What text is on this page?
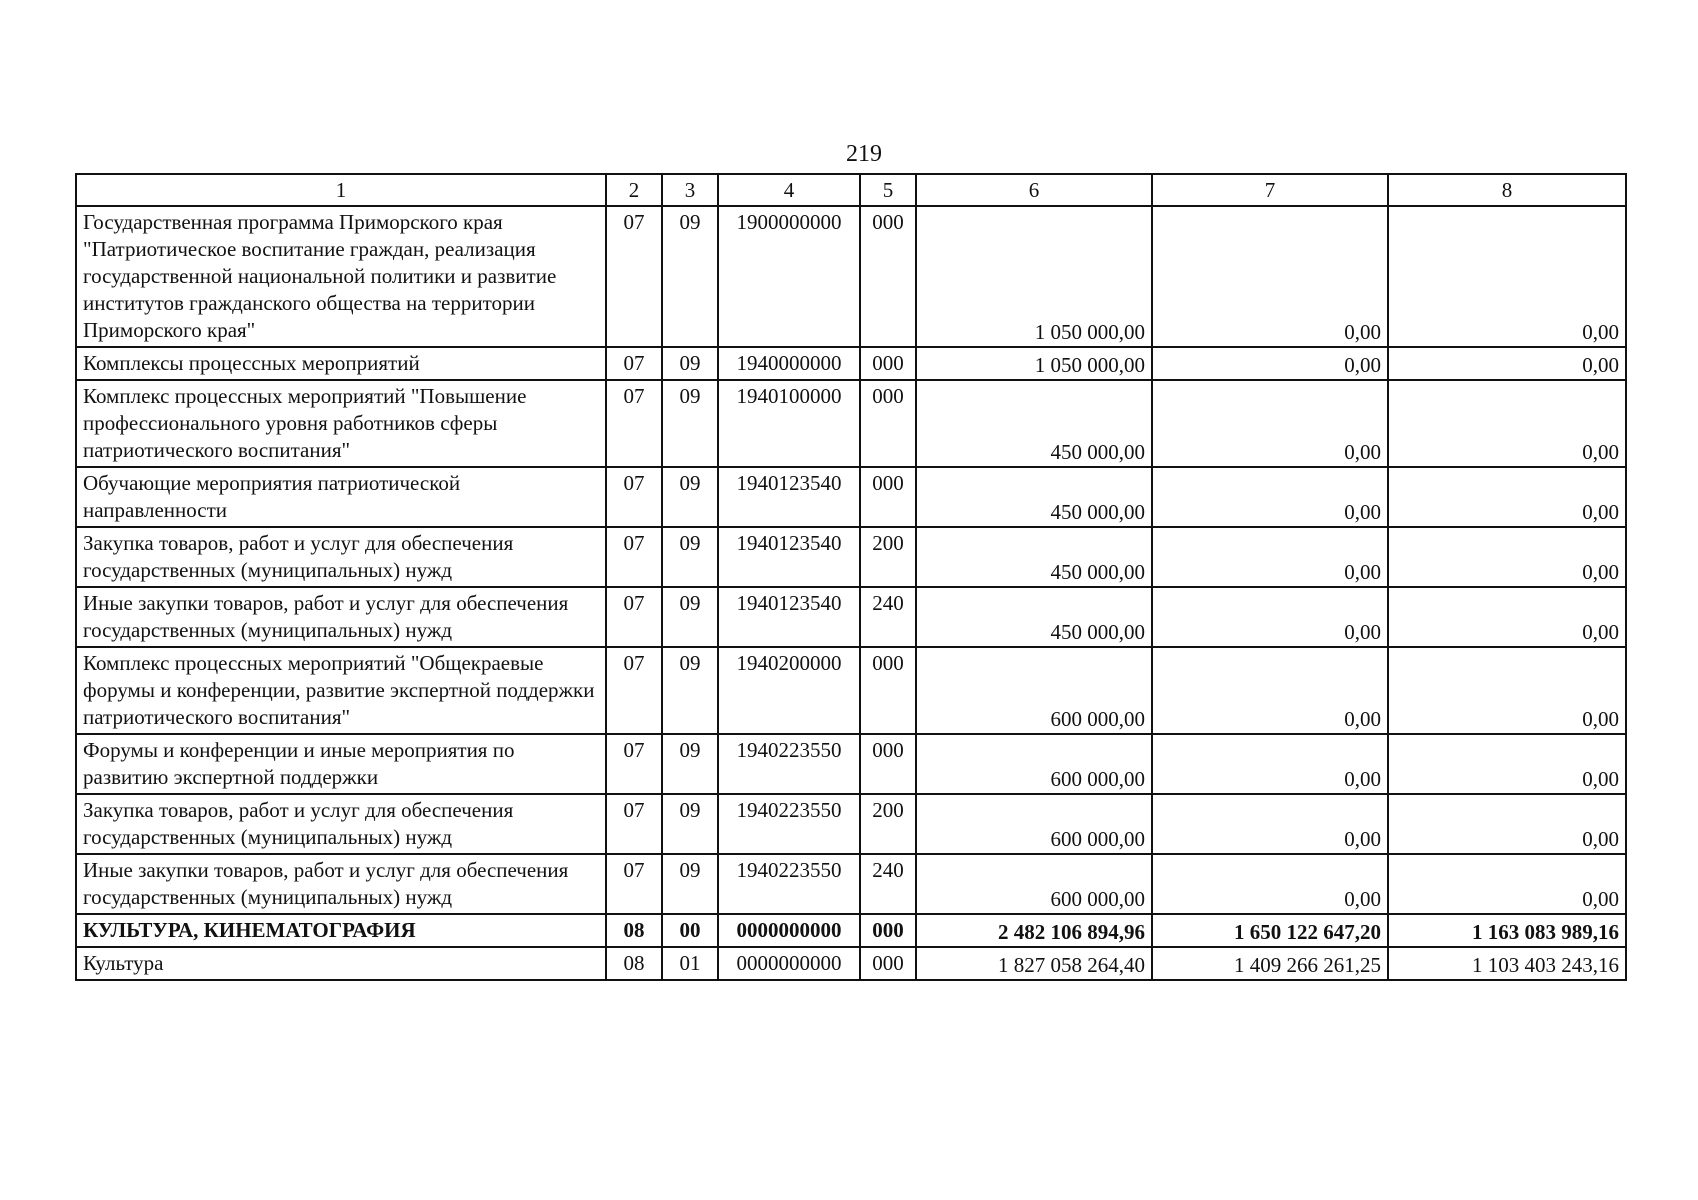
219
1	2	3	4	5	6	7	8
Государственная программа Приморского края "Патриотическое воспитание граждан, реализация государственной национальной политики и развитие институтов гражданского общества на территории Приморского края"	07	09	1900000000	000	1 050 000,00	0,00	0,00
Комплексы процессных мероприятий	07	09	1940000000	000	1 050 000,00	0,00	0,00
Комплекс процессных мероприятий "Повышение профессионального уровня работников сферы патриотического воспитания"	07	09	1940100000	000	450 000,00	0,00	0,00
Обучающие мероприятия патриотической направленности	07	09	1940123540	000	450 000,00	0,00	0,00
Закупка товаров, работ и услуг для обеспечения государственных (муниципальных) нужд	07	09	1940123540	200	450 000,00	0,00	0,00
Иные закупки товаров, работ и услуг для обеспечения государственных (муниципальных) нужд	07	09	1940123540	240	450 000,00	0,00	0,00
Комплекс процессных мероприятий "Общекраевые форумы и конференции, развитие экспертной поддержки патриотического воспитания"	07	09	1940200000	000	600 000,00	0,00	0,00
Форумы и конференции и иные мероприятия по развитию экспертной поддержки	07	09	1940223550	000	600 000,00	0,00	0,00
Закупка товаров, работ и услуг для обеспечения государственных (муниципальных) нужд	07	09	1940223550	200	600 000,00	0,00	0,00
Иные закупки товаров, работ и услуг для обеспечения государственных (муниципальных) нужд	07	09	1940223550	240	600 000,00	0,00	0,00
КУЛЬТУРА, КИНЕМАТОГРАФИЯ	08	00	0000000000	000	2 482 106 894,96	1 650 122 647,20	1 163 083 989,16
Культура	08	01	0000000000	000	1 827 058 264,40	1 409 266 261,25	1 103 403 243,16
